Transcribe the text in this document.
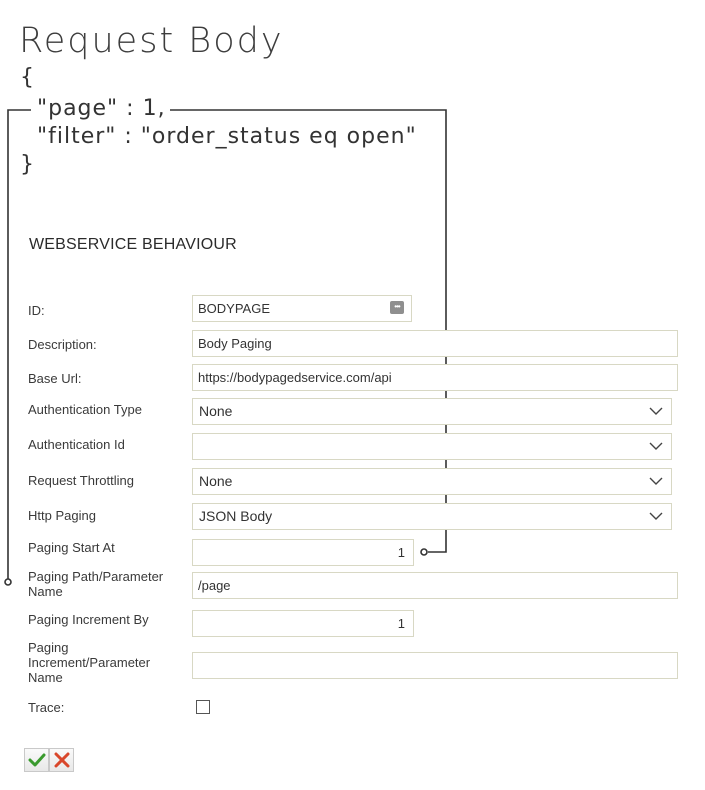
Request Body
{
"page" : 1,
"filter" : "order_status eq open"
}
WEBSERVICE BEHAVIOUR
ID:	BODYPAGE	•••
Description:	Body Paging
Base Url:	https://bodypagedservice.com/api
Authentication Type	None
Authentication Id
Request Throttling	None
Http Paging	JSON Body
Paging Start At	1
Paging Path/Parameter Name	/page
Paging Increment By	1
Paging Increment/Parameter Name
Trace:
